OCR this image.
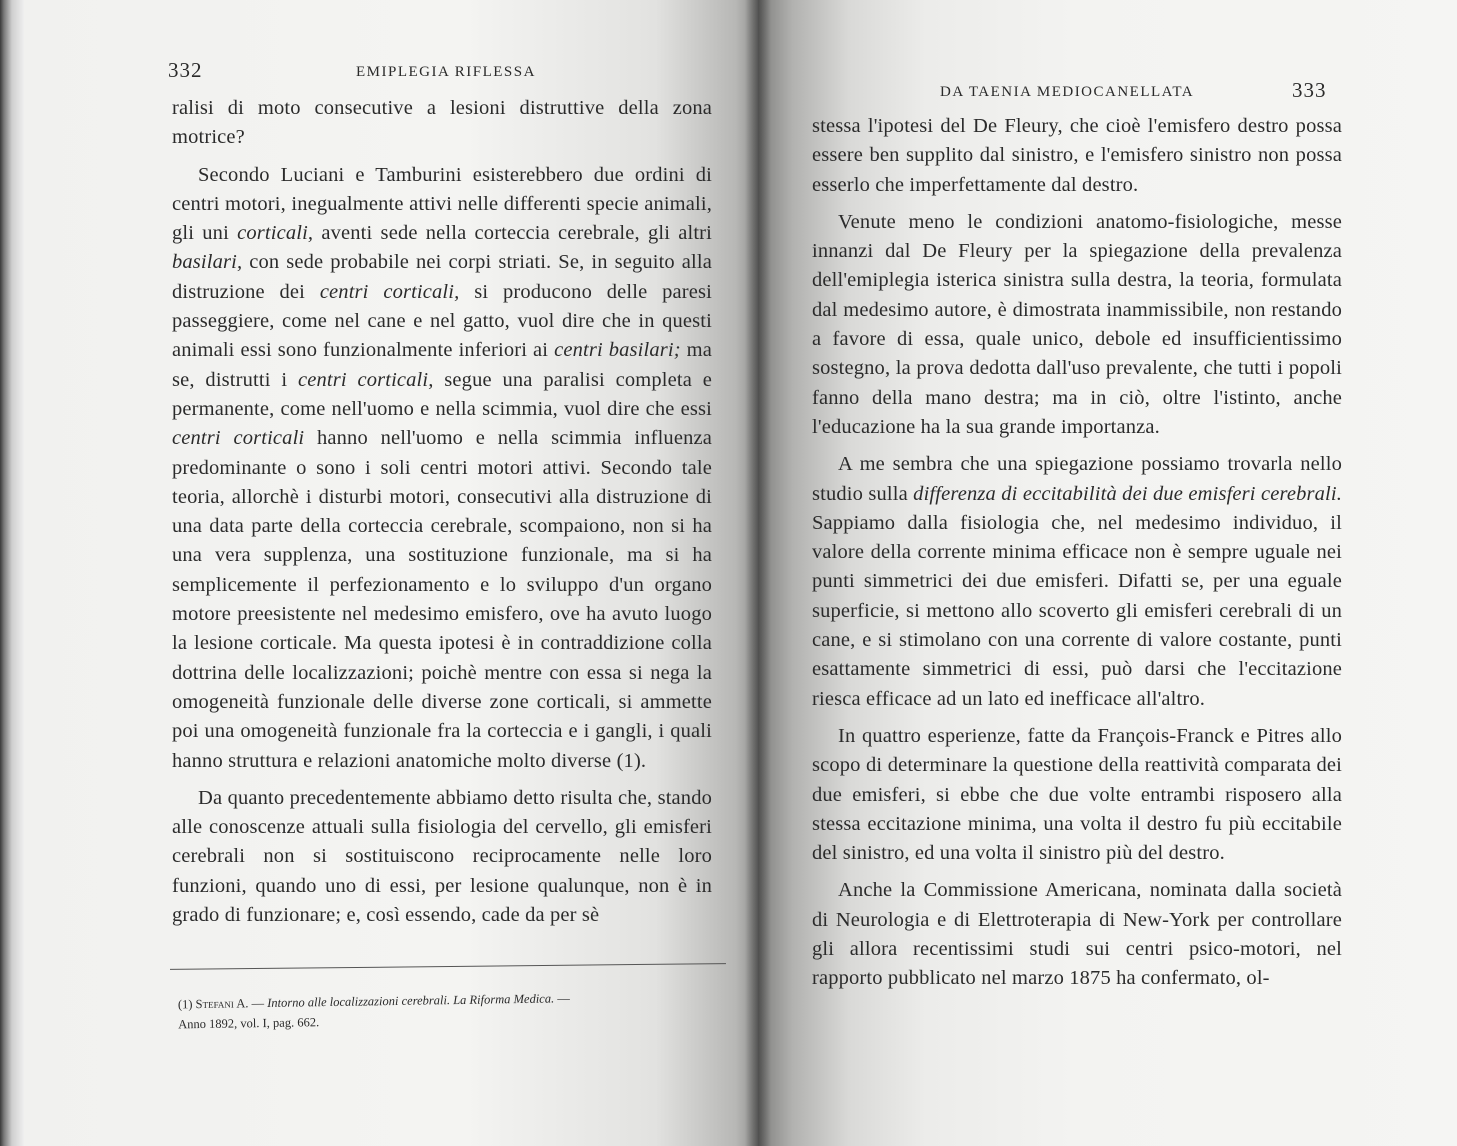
332	EMIPLEGIA RIFLESSA

ralisi di moto consecutive a lesioni distruttive della zona motrice?

Secondo Luciani e Tamburini esisterebbero due ordini di centri motori, inegualmente attivi nelle differenti specie animali, gli uni corticali, aventi sede nella corteccia cerebrale, gli altri basilari, con sede probabile nei corpi striati. Se, in seguito alla distruzione dei centri corticali, si producono delle paresi passeggiere, come nel cane e nel gatto, vuol dire che in questi animali essi sono funzionalmente inferiori ai centri basilari; ma se, distrutti i centri corticali, segue una paralisi completa e permanente, come nell'uomo e nella scimmia, vuol dire che essi centri corticali hanno nell'uomo e nella scimmia influenza predominante o sono i soli centri motori attivi. Secondo tale teoria, allorchè i disturbi motori, consecutivi alla distruzione di una data parte della corteccia cerebrale, scompaiono, non si ha una vera supplenza, una sostituzione funzionale, ma si ha semplicemente il perfezionamento e lo sviluppo d'un organo motore preesistente nel medesimo emisfero, ove ha avuto luogo la lesione corticale. Ma questa ipotesi è in contraddizione colla dottrina delle localizzazioni; poichè mentre con essa si nega la omogeneità funzionale delle diverse zone corticali, si ammette poi una omogeneità funzionale fra la corteccia e i gangli, i quali hanno struttura e relazioni anatomiche molto diverse (1).

Da quanto precedentemente abbiamo detto risulta che, stando alle conoscenze attuali sulla fisiologia del cervello, gli emisferi cerebrali non si sostituiscono reciprocamente nelle loro funzioni, quando uno di essi, per lesione qualunque, non è in grado di funzionare; e, così essendo, cade da per sè

(1) Stefani A. — Intorno alle localizzazioni cerebrali. La Riforma Medica. —
Anno 1892, vol. I, pag. 662.
DA TAENIA MEDIOCANELLATA	333

stessa l'ipotesi del De Fleury, che cioè l'emisfero destro possa essere ben supplito dal sinistro, e l'emisfero sinistro non possa esserlo che imperfettamente dal destro.

Venute meno le condizioni anatomo-fisiologiche, messe innanzi dal De Fleury per la spiegazione della prevalenza dell'emiplegia isterica sinistra sulla destra, la teoria, formulata dal medesimo autore, è dimostrata inammissibile, non restando a favore di essa, quale unico, debole ed insufficientissimo sostegno, la prova dedotta dall'uso prevalente, che tutti i popoli fanno della mano destra; ma in ciò, oltre l'istinto, anche l'educazione ha la sua grande importanza.

A me sembra che una spiegazione possiamo trovarla nello studio sulla differenza di eccitabilità dei due emisferi cerebrali. Sappiamo dalla fisiologia che, nel medesimo individuo, il valore della corrente minima efficace non è sempre uguale nei punti simmetrici dei due emisferi. Difatti se, per una eguale superficie, si mettono allo scoverto gli emisferi cerebrali di un cane, e si stimolano con una corrente di valore costante, punti esattamente simmetrici di essi, può darsi che l'eccitazione riesca efficace ad un lato ed inefficace all'altro.

In quattro esperienze, fatte da François-Franck e Pitres allo scopo di determinare la questione della reattività comparata dei due emisferi, si ebbe che due volte entrambi risposero alla stessa eccitazione minima, una volta il destro fu più eccitabile del sinistro, ed una volta il sinistro più del destro.

Anche la Commissione Americana, nominata dalla società di Neurologia e di Elettroterapia di New-York per controllare gli allora recentissimi studi sui centri psico-motori, nel rapporto pubblicato nel marzo 1875 ha confermato, ol-
